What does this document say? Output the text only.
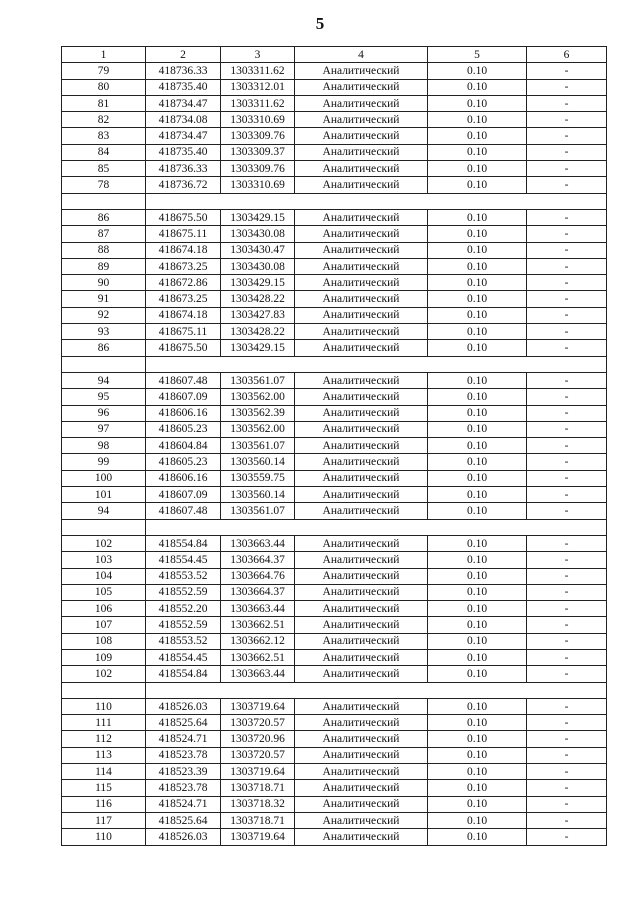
5
1	2	3	4	5	6
79	418736.33	1303311.62	Аналитический	0.10	-
80	418735.40	1303312.01	Аналитический	0.10	-
81	418734.47	1303311.62	Аналитический	0.10	-
82	418734.08	1303310.69	Аналитический	0.10	-
83	418734.47	1303309.76	Аналитический	0.10	-
84	418735.40	1303309.37	Аналитический	0.10	-
85	418736.33	1303309.76	Аналитический	0.10	-
78	418736.72	1303310.69	Аналитический	0.10	-

86	418675.50	1303429.15	Аналитический	0.10	-
87	418675.11	1303430.08	Аналитический	0.10	-
88	418674.18	1303430.47	Аналитический	0.10	-
89	418673.25	1303430.08	Аналитический	0.10	-
90	418672.86	1303429.15	Аналитический	0.10	-
91	418673.25	1303428.22	Аналитический	0.10	-
92	418674.18	1303427.83	Аналитический	0.10	-
93	418675.11	1303428.22	Аналитический	0.10	-
86	418675.50	1303429.15	Аналитический	0.10	-

94	418607.48	1303561.07	Аналитический	0.10	-
95	418607.09	1303562.00	Аналитический	0.10	-
96	418606.16	1303562.39	Аналитический	0.10	-
97	418605.23	1303562.00	Аналитический	0.10	-
98	418604.84	1303561.07	Аналитический	0.10	-
99	418605.23	1303560.14	Аналитический	0.10	-
100	418606.16	1303559.75	Аналитический	0.10	-
101	418607.09	1303560.14	Аналитический	0.10	-
94	418607.48	1303561.07	Аналитический	0.10	-

102	418554.84	1303663.44	Аналитический	0.10	-
103	418554.45	1303664.37	Аналитический	0.10	-
104	418553.52	1303664.76	Аналитический	0.10	-
105	418552.59	1303664.37	Аналитический	0.10	-
106	418552.20	1303663.44	Аналитический	0.10	-
107	418552.59	1303662.51	Аналитический	0.10	-
108	418553.52	1303662.12	Аналитический	0.10	-
109	418554.45	1303662.51	Аналитический	0.10	-
102	418554.84	1303663.44	Аналитический	0.10	-

110	418526.03	1303719.64	Аналитический	0.10	-
111	418525.64	1303720.57	Аналитический	0.10	-
112	418524.71	1303720.96	Аналитический	0.10	-
113	418523.78	1303720.57	Аналитический	0.10	-
114	418523.39	1303719.64	Аналитический	0.10	-
115	418523.78	1303718.71	Аналитический	0.10	-
116	418524.71	1303718.32	Аналитический	0.10	-
117	418525.64	1303718.71	Аналитический	0.10	-
110	418526.03	1303719.64	Аналитический	0.10	-
